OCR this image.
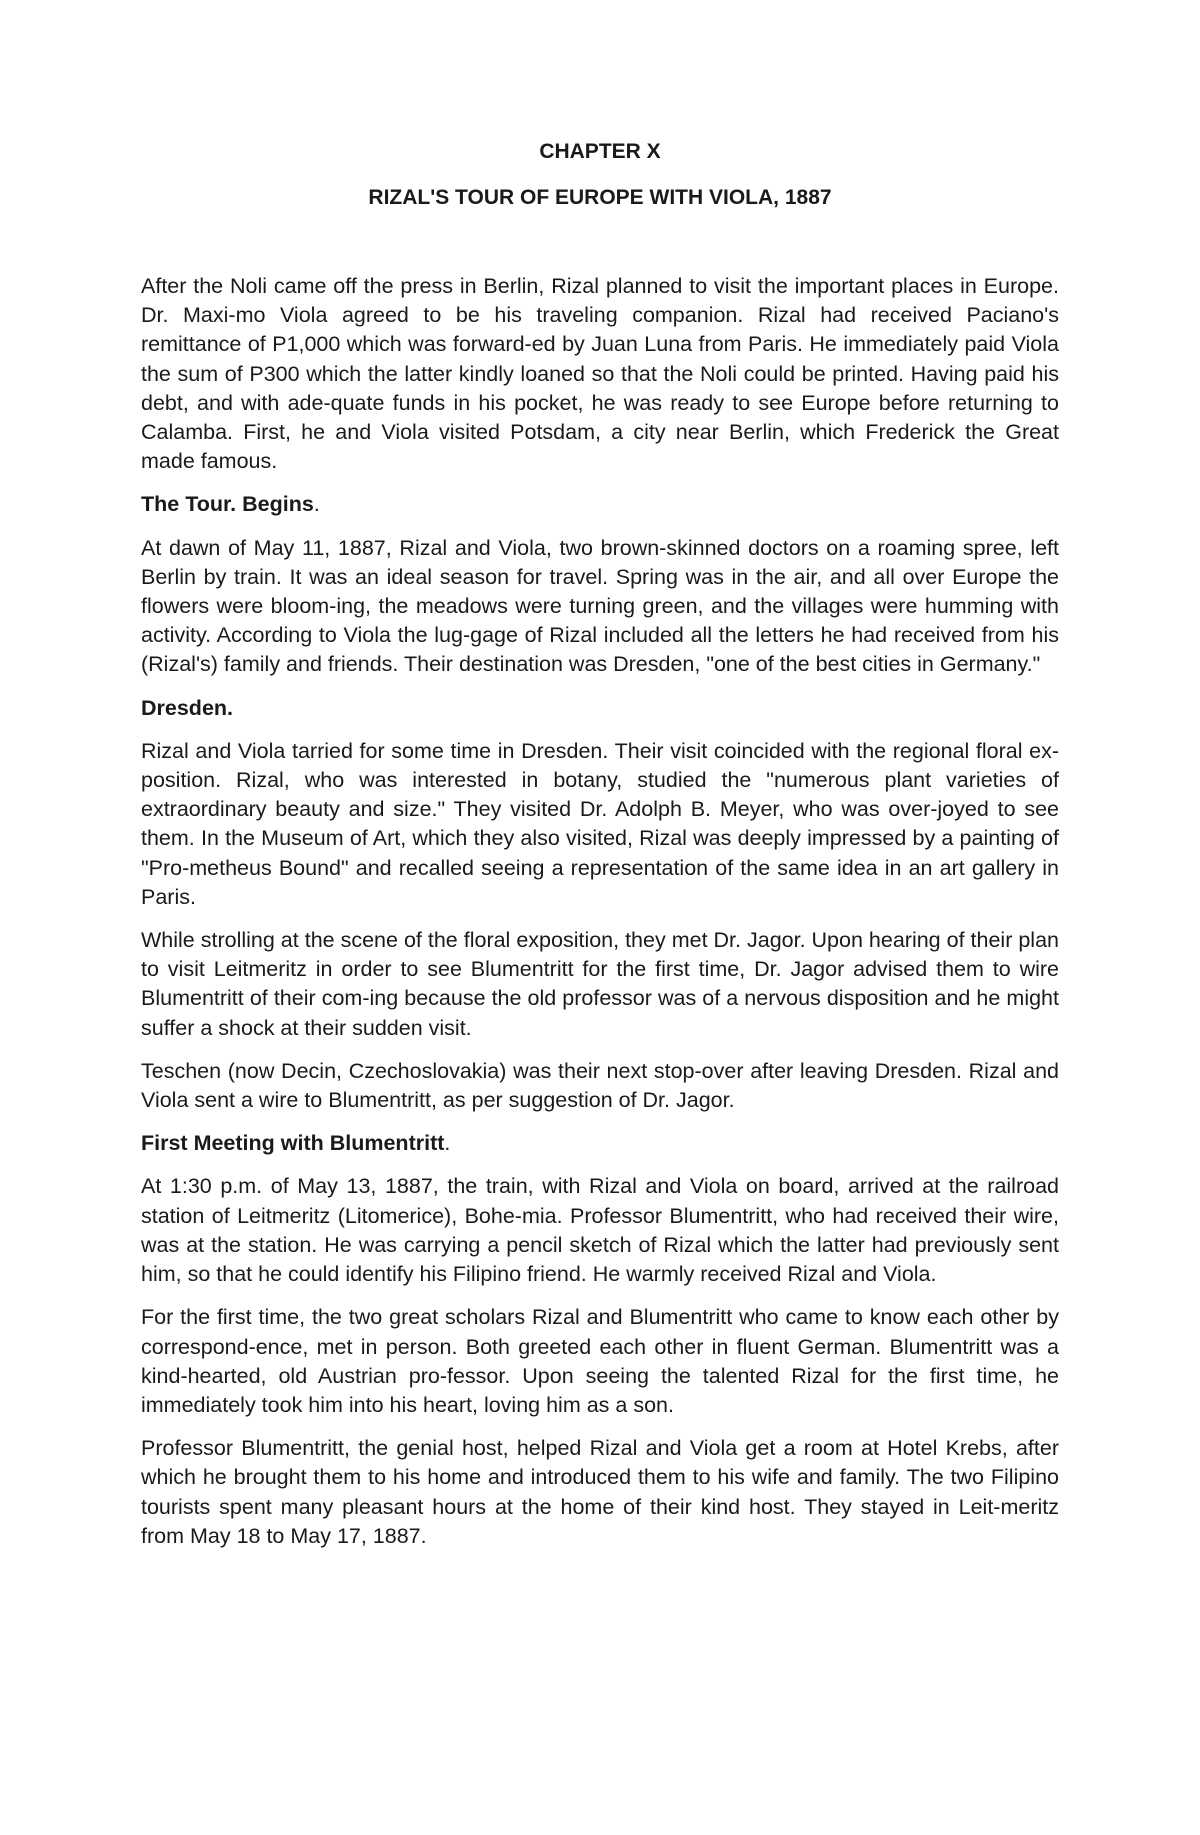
CHAPTER X
RIZAL'S TOUR OF EUROPE WITH VIOLA, 1887

After the Noli came off the press in Berlin, Rizal planned to visit the important places in Europe. Dr. Maxi-mo Viola agreed to be his traveling companion. Rizal had received Paciano's remittance of P1,000 which was forward-ed by Juan Luna from Paris. He immediately paid Viola the sum of P300 which the latter kindly loaned so that the Noli could be printed. Having paid his debt, and with ade-quate funds in his pocket, he was ready to see Europe before returning to Calamba. First, he and Viola visited Potsdam, a city near Berlin, which Frederick the Great made famous.

The Tour. Begins.

At dawn of May 11, 1887, Rizal and Viola, two brown-skinned doctors on a roaming spree, left Berlin by train. It was an ideal season for travel. Spring was in the air, and all over Europe the flowers were bloom-ing, the meadows were turning green, and the villages were humming with activity. According to Viola the lug-gage of Rizal included all the letters he had received from his (Rizal's) family and friends. Their destination was Dresden, "one of the best cities in Germany."

Dresden.

Rizal and Viola tarried for some time in Dresden. Their visit coincided with the regional floral ex-position. Rizal, who was interested in botany, studied the "numerous plant varieties of extraordinary beauty and size." They visited Dr. Adolph B. Meyer, who was over-joyed to see them. In the Museum of Art, which they also visited, Rizal was deeply impressed by a painting of "Pro-metheus Bound" and recalled seeing a representation of the same idea in an art gallery in Paris.

While strolling at the scene of the floral exposition, they met Dr. Jagor. Upon hearing of their plan to visit Leitmeritz in order to see Blumentritt for the first time, Dr. Jagor advised them to wire Blumentritt of their com-ing because the old professor was of a nervous disposition and he might suffer a shock at their sudden visit.

Teschen (now Decin, Czechoslovakia) was their next stop-over after leaving Dresden. Rizal and Viola sent a wire to Blumentritt, as per suggestion of Dr. Jagor.

First Meeting with Blumentritt.

At 1:30 p.m. of May 13, 1887, the train, with Rizal and Viola on board, arrived at the railroad station of Leitmeritz (Litomerice), Bohe-mia. Professor Blumentritt, who had received their wire, was at the station. He was carrying a pencil sketch of Rizal which the latter had previously sent him, so that he could identify his Filipino friend. He warmly received Rizal and Viola.

For the first time, the two great scholars Rizal and Blumentritt who came to know each other by correspond-ence, met in person. Both greeted each other in fluent German. Blumentritt was a kind-hearted, old Austrian pro-fessor. Upon seeing the talented Rizal for the first time, he immediately took him into his heart, loving him as a son.

Professor Blumentritt, the genial host, helped Rizal and Viola get a room at Hotel Krebs, after which he brought them to his home and introduced them to his wife and family. The two Filipino tourists spent many pleasant hours at the home of their kind host. They stayed in Leit-meritz from May 18 to May 17, 1887.
